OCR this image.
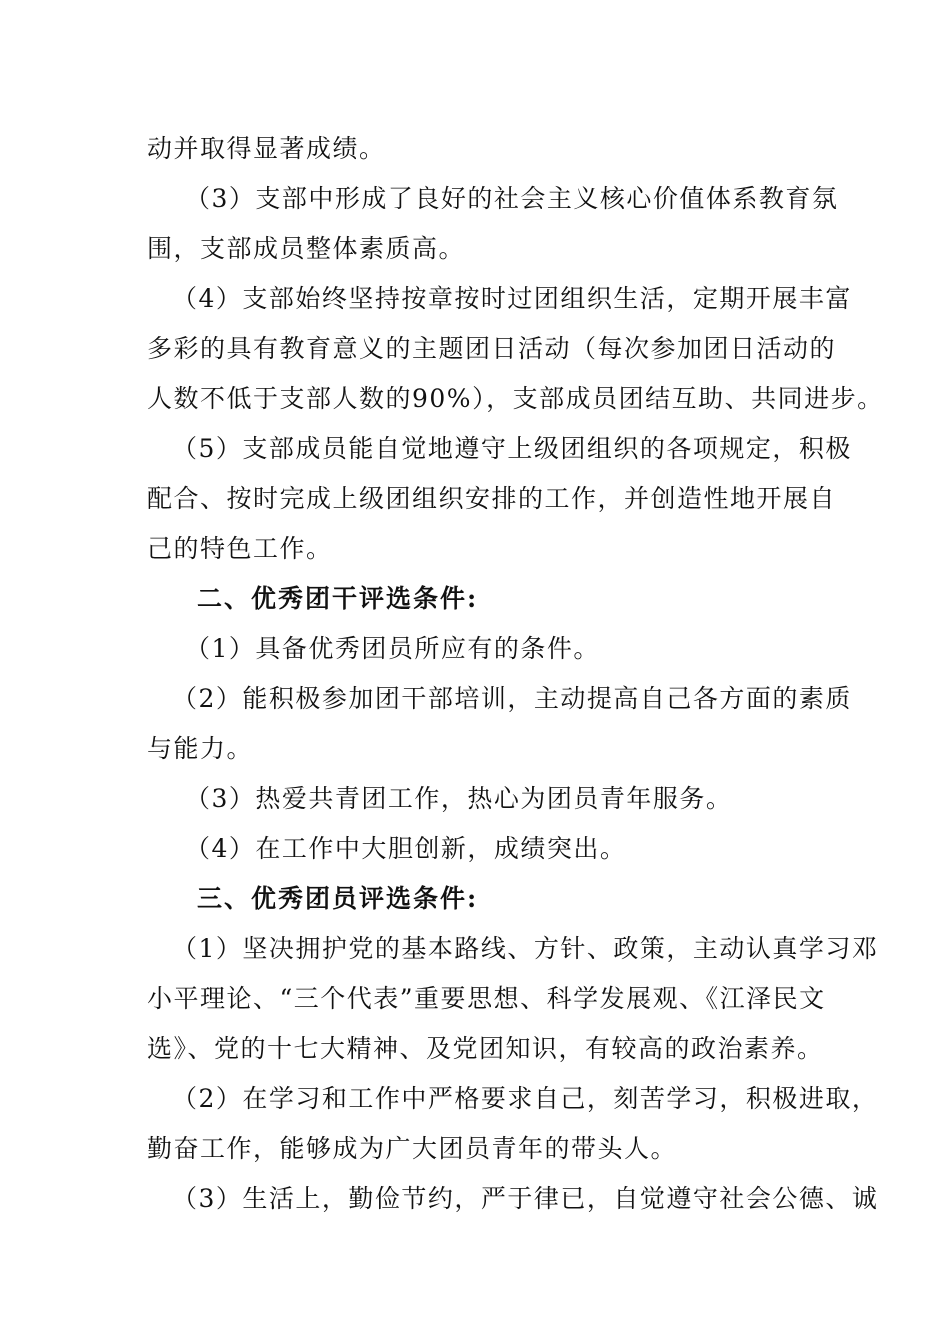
动并取得显著成绩。
（3）支部中形成了良好的社会主义核心价值体系教育氛
围，支部成员整体素质高。
（4）支部始终坚持按章按时过团组织生活，定期开展丰富
多彩的具有教育意义的主题团日活动（每次参加团日活动的
人数不低于支部人数的90%），支部成员团结互助、共同进步。
（5）支部成员能自觉地遵守上级团组织的各项规定，积极
配合、按时完成上级团组织安排的工作，并创造性地开展自
己的特色工作。
二、优秀团干评选条件:
（1）具备优秀团员所应有的条件。
（2）能积极参加团干部培训，主动提高自己各方面的素质
与能力。
（3）热爱共青团工作，热心为团员青年服务。
（4）在工作中大胆创新，成绩突出。
三、优秀团员评选条件:
（1）坚决拥护党的基本路线、方针、政策，主动认真学习邓
小平理论、“三个代表”重要思想、科学发展观、《江泽民文
选》、党的十七大精神、及党团知识，有较高的政治素养。
（2）在学习和工作中严格要求自己，刻苦学习，积极进取，
勤奋工作，能够成为广大团员青年的带头人。
（3）生活上，勤俭节约，严于律已，自觉遵守社会公德、诚
